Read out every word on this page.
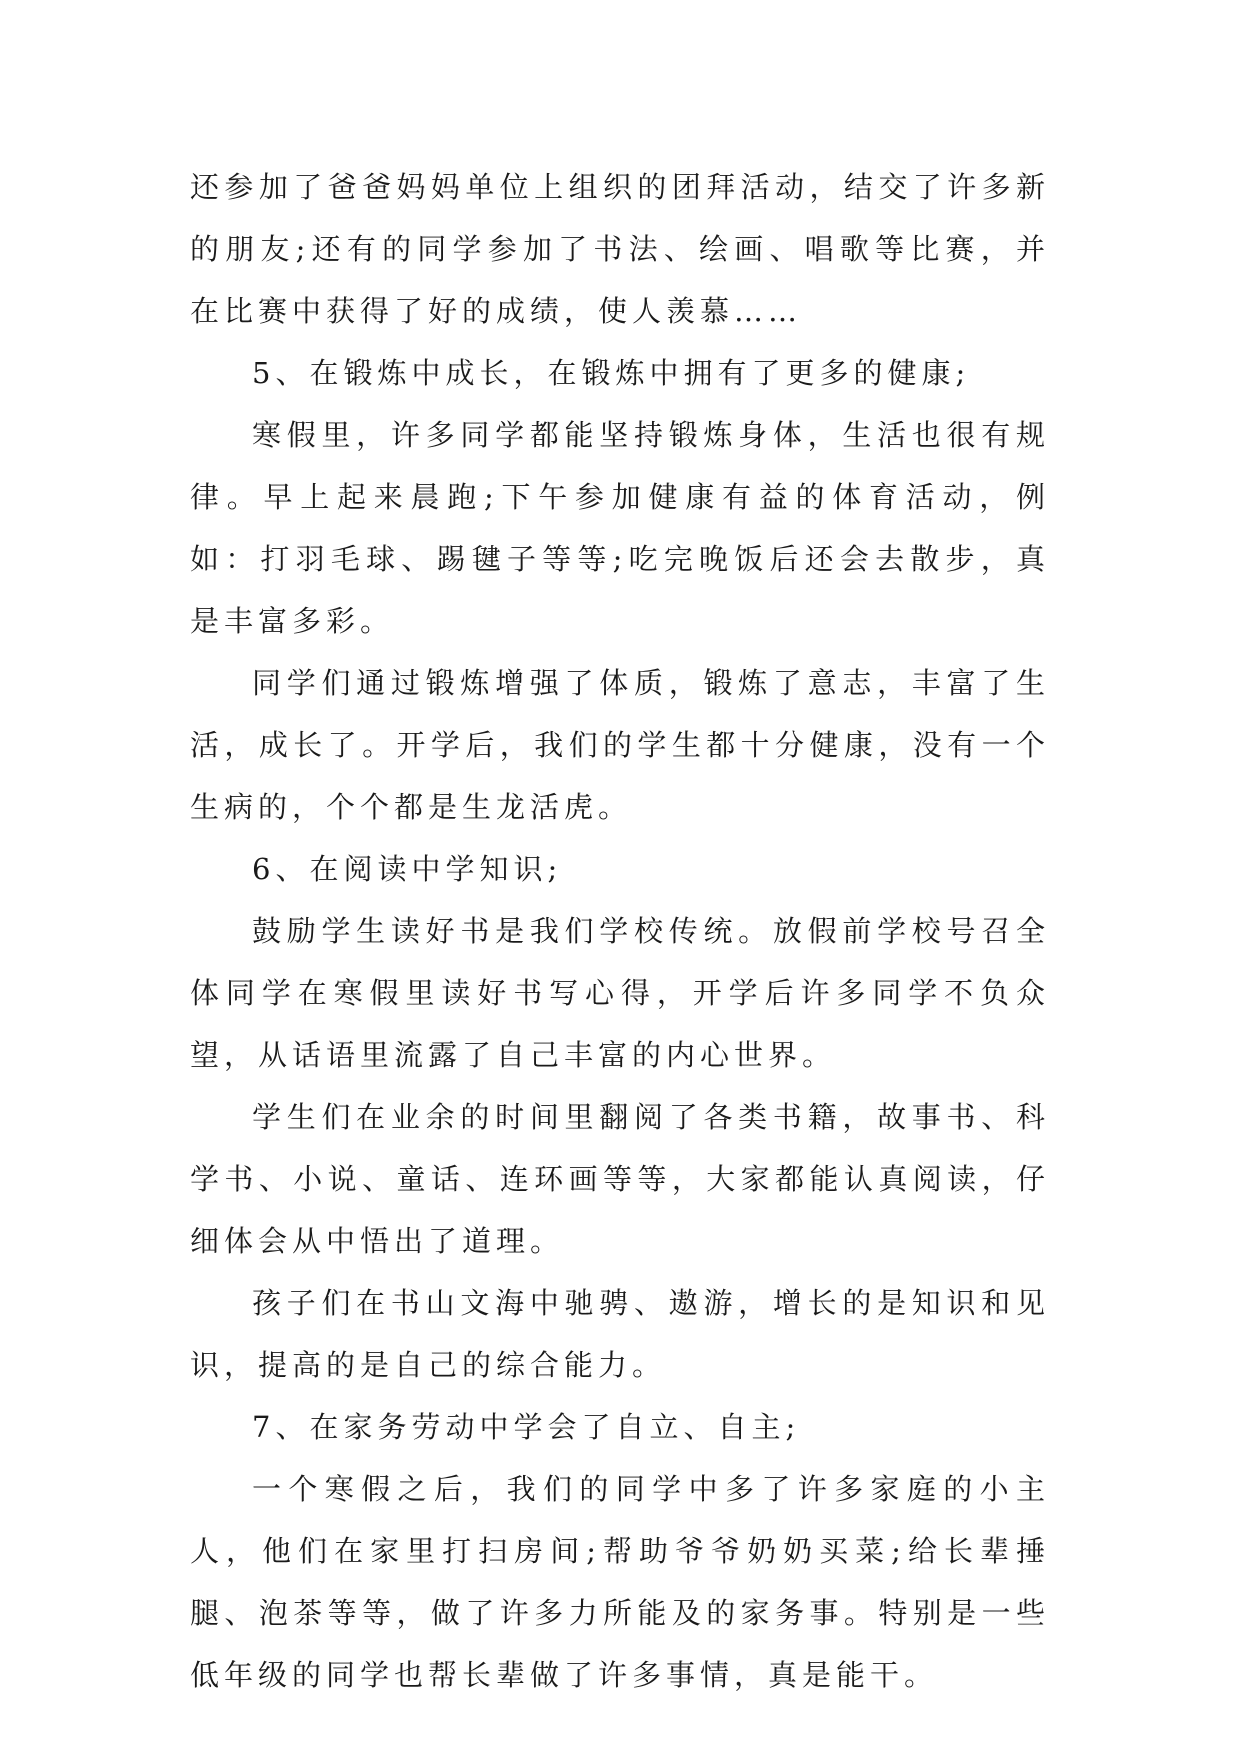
还参加了爸爸妈妈单位上组织的团拜活动，结交了许多新的朋友;还有的同学参加了书法、绘画、唱歌等比赛，并在比赛中获得了好的成绩，使人羡慕……

5、在锻炼中成长，在锻炼中拥有了更多的健康;

寒假里，许多同学都能坚持锻炼身体，生活也很有规律。早上起来晨跑;下午参加健康有益的体育活动，例如：打羽毛球、踢毽子等等;吃完晚饭后还会去散步，真是丰富多彩。

同学们通过锻炼增强了体质，锻炼了意志，丰富了生活，成长了。开学后，我们的学生都十分健康，没有一个生病的，个个都是生龙活虎。

6、在阅读中学知识;

鼓励学生读好书是我们学校传统。放假前学校号召全体同学在寒假里读好书写心得，开学后许多同学不负众望，从话语里流露了自己丰富的内心世界。

学生们在业余的时间里翻阅了各类书籍，故事书、科学书、小说、童话、连环画等等，大家都能认真阅读，仔细体会从中悟出了道理。

孩子们在书山文海中驰骋、遨游，增长的是知识和见识，提高的是自己的综合能力。

7、在家务劳动中学会了自立、自主;

一个寒假之后，我们的同学中多了许多家庭的小主人，他们在家里打扫房间;帮助爷爷奶奶买菜;给长辈捶腿、泡茶等等，做了许多力所能及的家务事。特别是一些低年级的同学也帮长辈做了许多事情，真是能干。
